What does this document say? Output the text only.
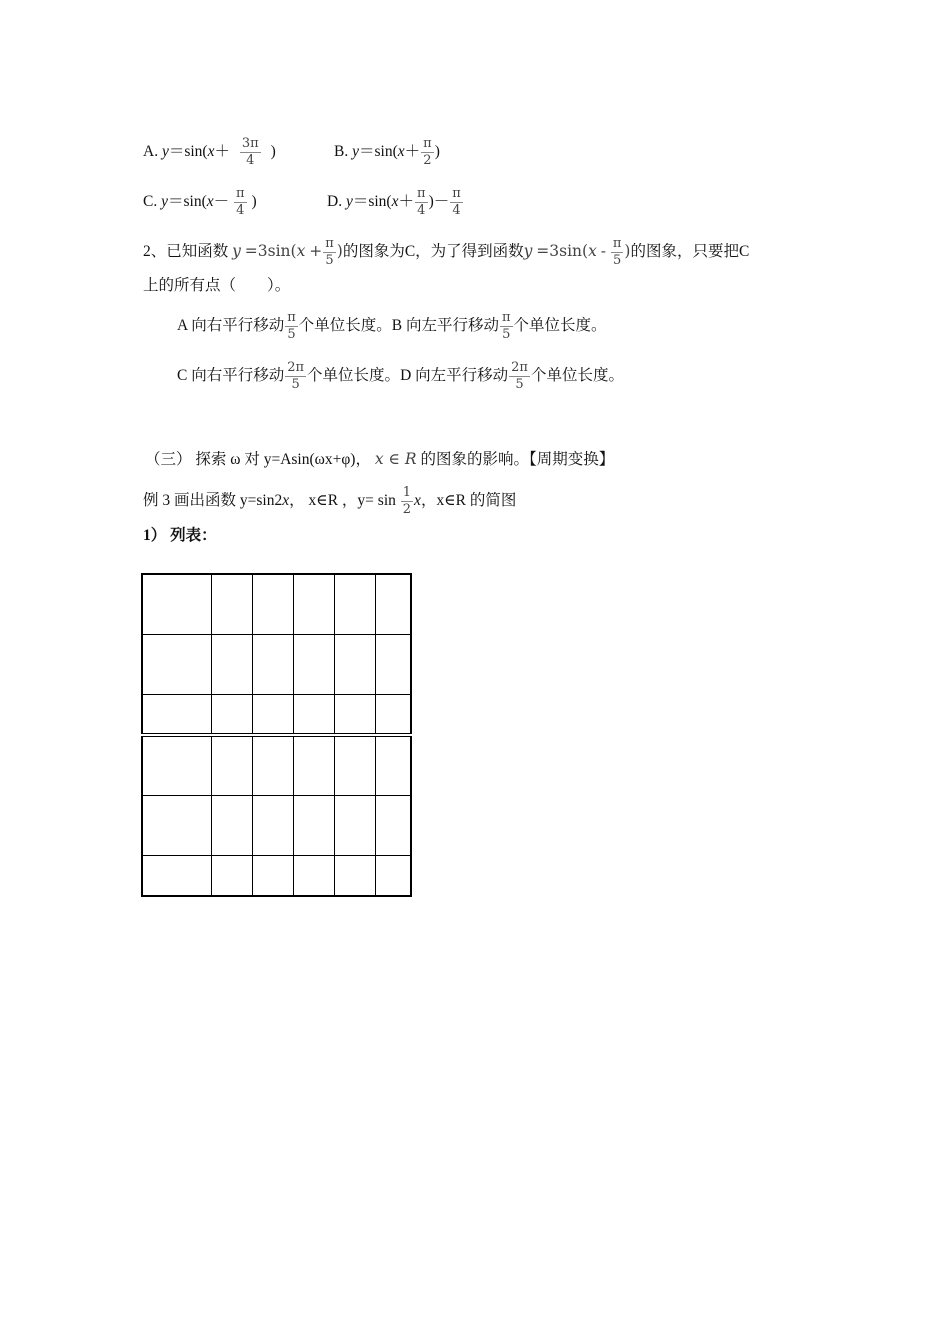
A. $y=\sin(x+ \frac{3\pi}{4}$ )	B. $y=\sin(x+ \frac{\pi}{2}$ )
C. $y=\sin(x- \frac{\pi}{4}$ )	D. $y=\sin(x+ \frac{\pi}{4}$ )－ $\frac{\pi}{4}$
2、已知函数 $y =3\sin(x + \frac{\pi}{5}$ )的图象为C，为了得到函数$y =3\sin(x - \frac{\pi}{5}$ )的图象，只要把C
上的所有点（　　）。
A 向右平行移动 $\frac{\pi}{5}$ 个单位长度。B 向左平行移动 $\frac{\pi}{5}$ 个单位长度。
C 向右平行移动 $\frac{2\pi}{5}$ 个单位长度。D 向左平行移动 $\frac{2\pi}{5}$ 个单位长度。
（三） 探索 ω 对 y=Asin(ωx+φ)， x ∈ R 的图象的影响。【周期变换】
例 3 画出函数 y=sin2x， x∈R ，$y= \sin \frac{1}{2}$ x，x∈R 的简图
1） 列表：
